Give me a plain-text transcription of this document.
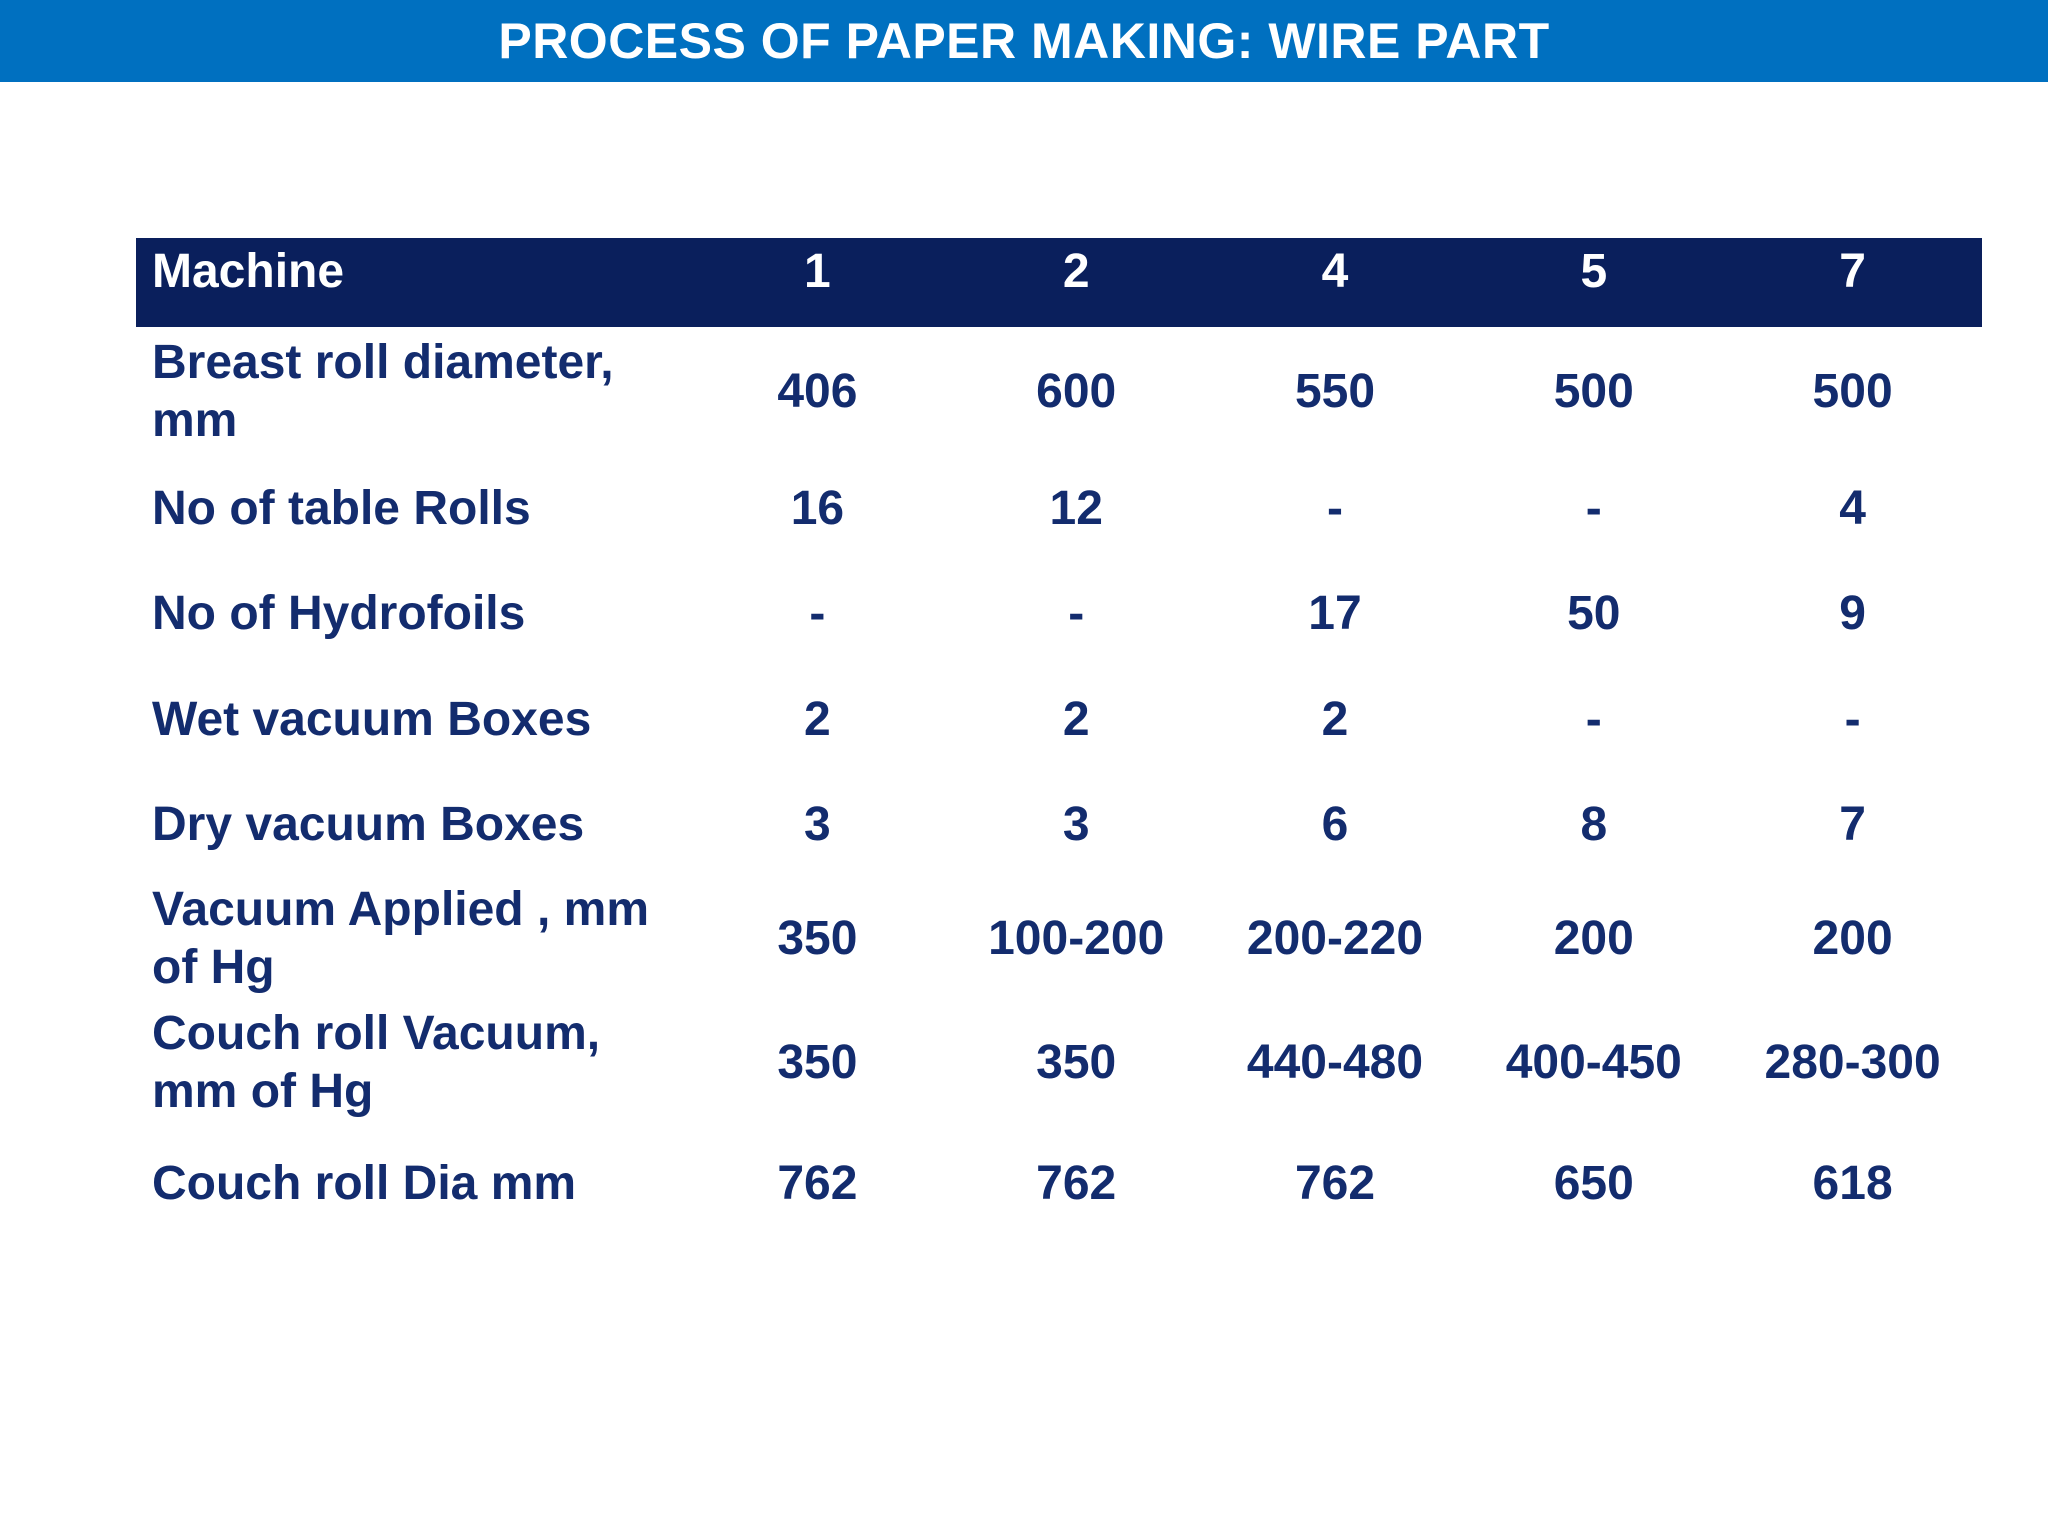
PROCESS OF PAPER MAKING: WIRE PART
Machine	1	2	4	5	7
Breast roll diameter, mm	406	600	550	500	500
No of table Rolls	16	12	-	-	4
No of Hydrofoils	-	-	17	50	9
Wet vacuum Boxes	2	2	2	-	-
Dry vacuum Boxes	3	3	6	8	7
Vacuum Applied , mm of Hg	350	100-200	200-220	200	200
Couch roll Vacuum, mm of Hg	350	350	440-480	400-450	280-300
Couch roll Dia mm	762	762	762	650	618
